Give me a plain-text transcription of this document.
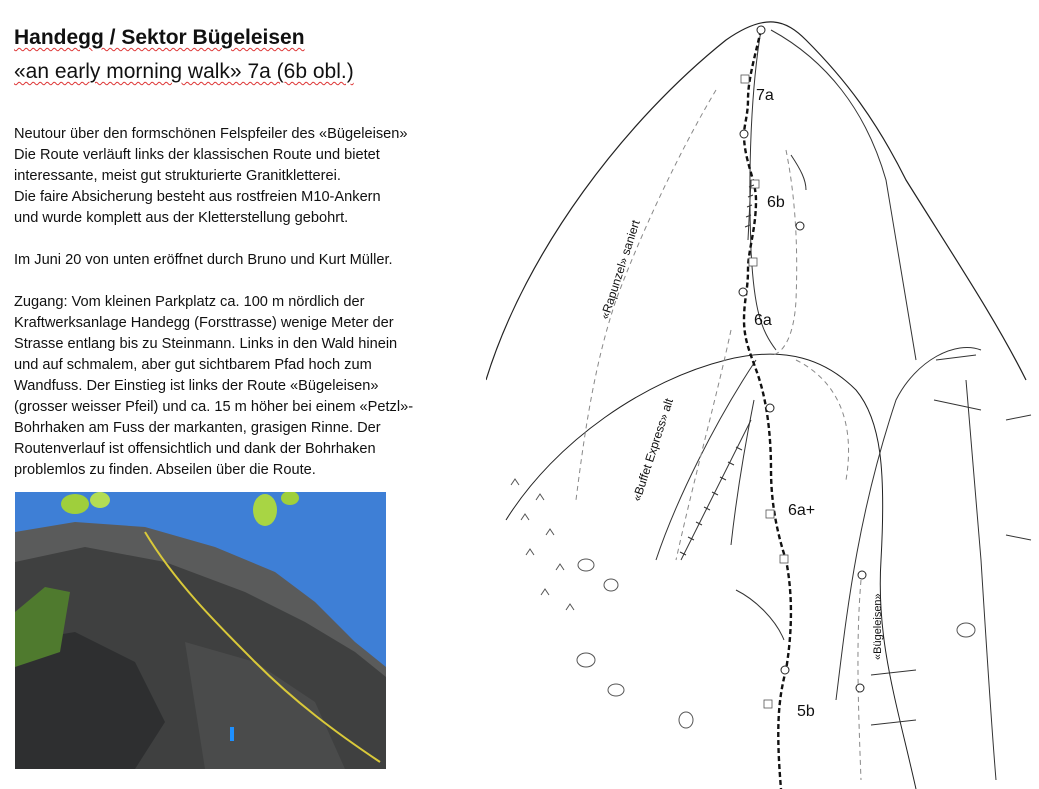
Handegg / Sektor Bügeleisen
«an early morning walk» 7a (6b obl.)

Neutour über den formschönen Felspfeiler des «Bügeleisen»
Die Route verläuft links der klassischen Route und bietet
interessante, meist gut strukturierte Granitkletterei.
Die faire Absicherung besteht aus rostfreien M10-Ankern
und wurde komplett aus der Kletterstellung gebohrt.

Im Juni 20 von unten eröffnet durch Bruno und Kurt Müller.

Zugang: Vom kleinen Parkplatz ca. 100 m nördlich der
Kraftwerksanlage Handegg (Forsttrasse) wenige Meter der
Strasse entlang bis zu Steinmann. Links in den Wald hinein
und auf schmalem, aber gut sichtbarem Pfad hoch zum
Wandfuss. Der Einstieg ist links der Route «Bügeleisen»
(grosser weisser Pfeil) und ca. 15 m höher bei einem «Petzl»-
Bohrhaken am Fuss der markanten, grasigen Rinne. Der
Routenverlauf ist offensichtlich und dank der Bohrhaken
problemlos zu finden. Abseilen über die Route.

7a
6b
6a
6a+
5b
«Rapunzel» saniert
«Buffet Express» alt
«Bügeleisen»
